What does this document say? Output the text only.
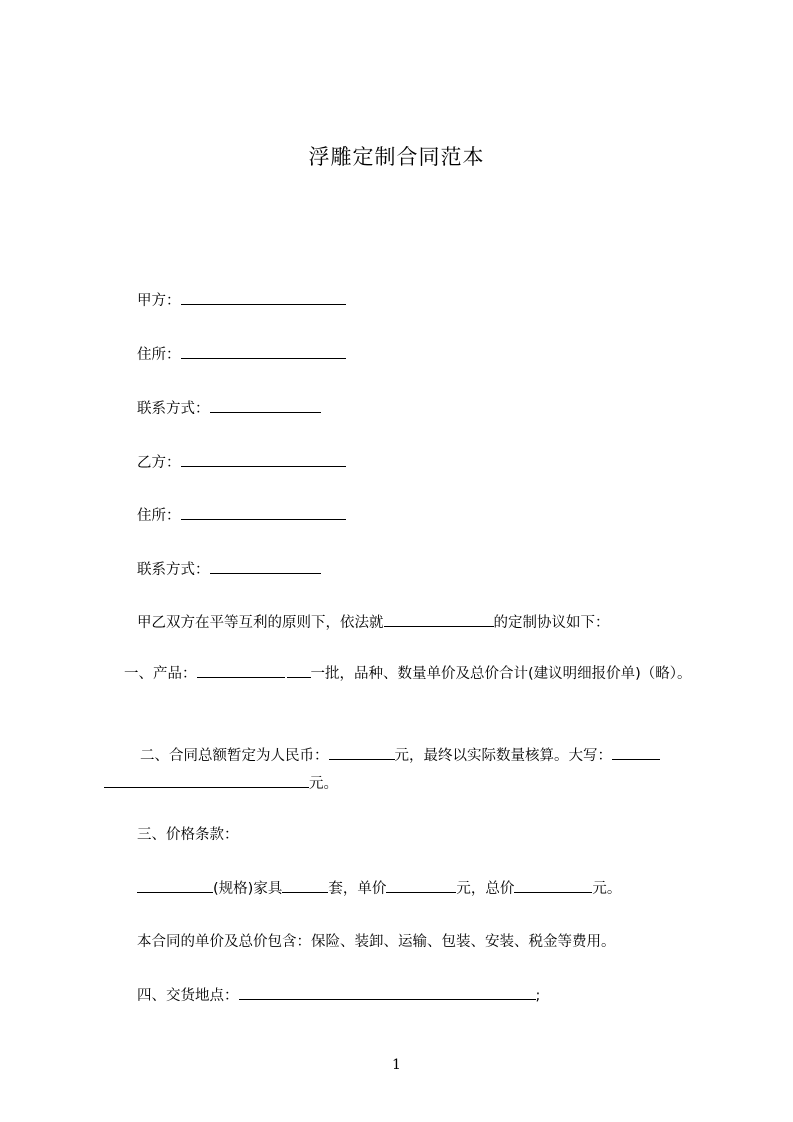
浮雕定制合同范本
甲方：
住所：
联系方式：
乙方：
住所：
联系方式：
甲乙双方在平等互利的原则下，依法就	的定制协议如下：
一、产品：	一批，品种、数量单价及总价合计(建议明细报价单)（略）。
二、合同总额暂定为人民币：	元，最终以实际数量核算。大写：
元。
三、价格条款：
(规格)家具	套，单价	元，总价	元。
本合同的单价及总价包含：保险、装卸、运输、包装、安装、税金等费用。
四、交货地点：	;
1
